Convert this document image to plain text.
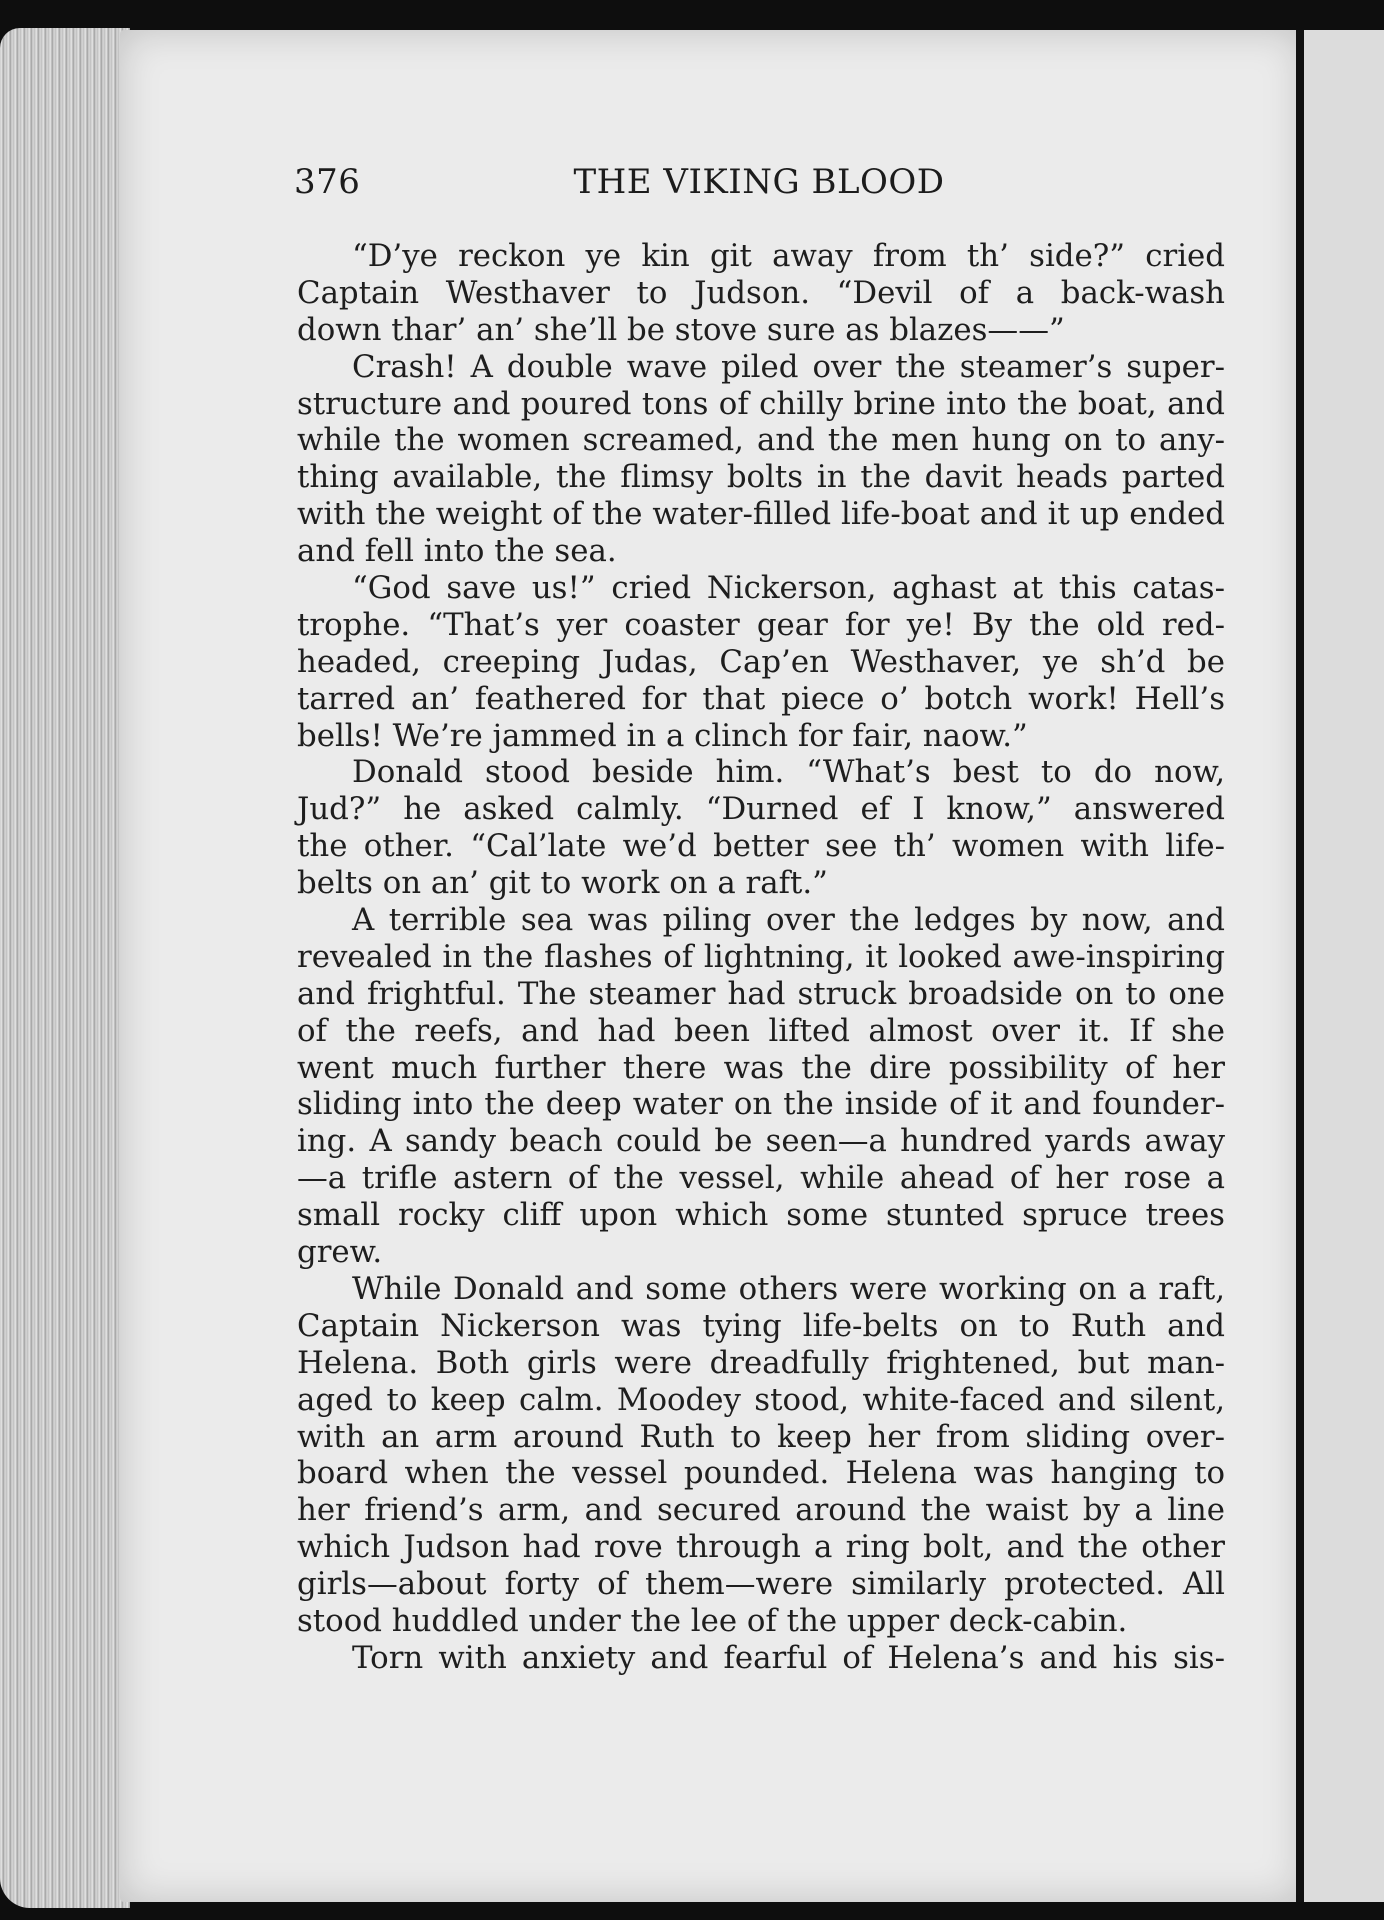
376	THE VIKING BLOOD
“D’ye reckon ye kin git away from th’ side?” cried
Captain Westhaver to Judson. “Devil of a back-wash
down thar’ an’ she’ll be stove sure as blazes——”
Crash! A double wave piled over the steamer’s super-
structure and poured tons of chilly brine into the boat, and
while the women screamed, and the men hung on to any-
thing available, the flimsy bolts in the davit heads parted
with the weight of the water-filled life-boat and it up ended
and fell into the sea.
“God save us!” cried Nickerson, aghast at this catas-
trophe. “That’s yer coaster gear for ye! By the old red-
headed, creeping Judas, Cap’en Westhaver, ye sh’d be
tarred an’ feathered for that piece o’ botch work! Hell’s
bells! We’re jammed in a clinch for fair, naow.”
Donald stood beside him. “What’s best to do now,
Jud?” he asked calmly. “Durned ef I know,” answered
the other. “Cal’late we’d better see th’ women with life-
belts on an’ git to work on a raft.”
A terrible sea was piling over the ledges by now, and
revealed in the flashes of lightning, it looked awe-inspiring
and frightful. The steamer had struck broadside on to one
of the reefs, and had been lifted almost over it. If she
went much further there was the dire possibility of her
sliding into the deep water on the inside of it and founder-
ing. A sandy beach could be seen—a hundred yards away
—a trifle astern of the vessel, while ahead of her rose a
small rocky cliff upon which some stunted spruce trees
grew.
While Donald and some others were working on a raft,
Captain Nickerson was tying life-belts on to Ruth and
Helena. Both girls were dreadfully frightened, but man-
aged to keep calm. Moodey stood, white-faced and silent,
with an arm around Ruth to keep her from sliding over-
board when the vessel pounded. Helena was hanging to
her friend’s arm, and secured around the waist by a line
which Judson had rove through a ring bolt, and the other
girls—about forty of them—were similarly protected. All
stood huddled under the lee of the upper deck-cabin.
Torn with anxiety and fearful of Helena’s and his sis-
